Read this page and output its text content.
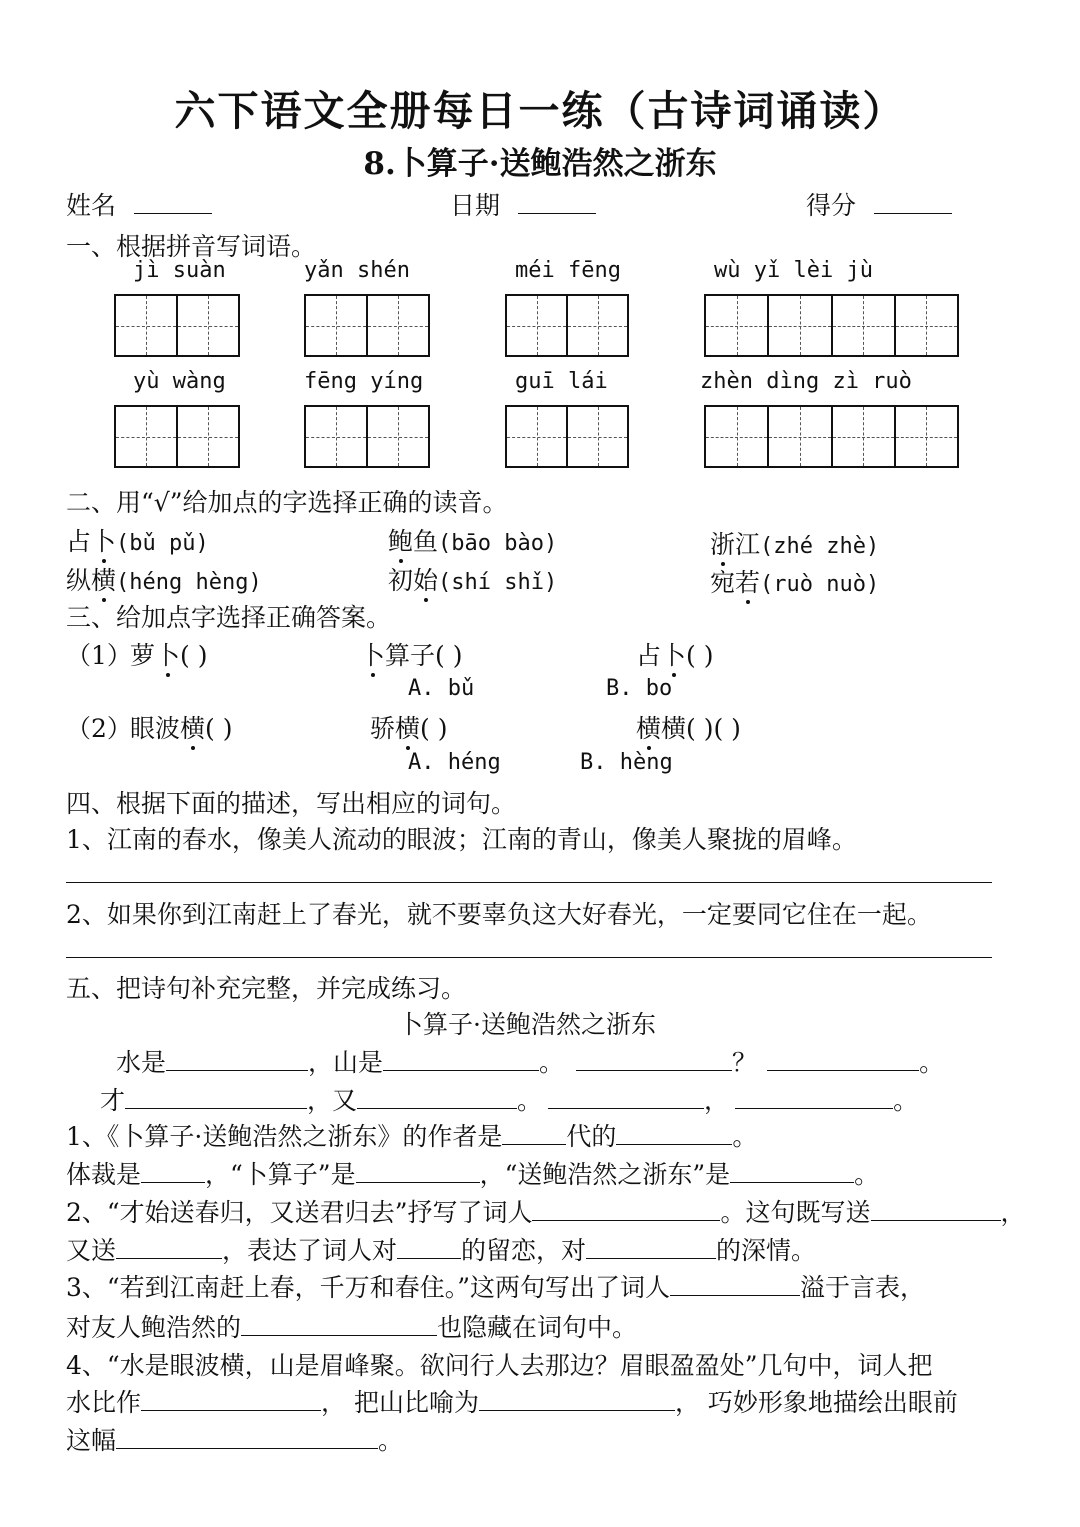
六下语文全册每日一练（古诗词诵读）
8.卜算子·送鲍浩然之浙东
姓名	日期	得分
一、根据拼音写词语。
jì suàn	yǎn shén	méi fēng	wù yǐ lèi jù
yù wàng	fēng yíng	guī lái	zhèn dìng zì ruò
二、用“√”给加点的字选择正确的读音。
占卜(bǔ pǔ)	鲍鱼(bāo bào)	浙江(zhé zhè)
纵横(héng hèng)	初始(shí shǐ)	宛若(ruò nuò)
三、给加点字选择正确答案。
（1）
萝卜( )	卜算子( )	占卜( )
A. bǔ	B. bo
（2）
眼波横( )	骄横( )	横横( )( )
A. héng	B. hèng
四、根据下面的描述，写出相应的词句。
1、江南的春水，像美人流动的眼波；江南的青山，像美人聚拢的眉峰。
2、如果你到江南赶上了春光，就不要辜负这大好春光，一定要同它住在一起。
五、把诗句补充完整，并完成练习。
卜算子·送鲍浩然之浙东
水是	，山是	。	？	。
才	，又	。	，	。
1、《卜算子·送鲍浩然之浙东》的作者是	代的	。
体裁是	，“卜算子”是	，“送鲍浩然之浙东”是	。
2、“才始送春归，又送君归去”抒写了词人	。这句既写送	，
又送	，表达了词人对	的留恋，对	的深情。
3、“若到江南赶上春，千万和春住。”这两句写出了词人	溢于言表，
对友人鲍浩然的	也隐藏在词句中。
4、“水是眼波横，山是眉峰聚。欲问行人去那边？眉眼盈盈处”几句中，词人把
水比作	， 把山比喻为	， 巧妙形象地描绘出眼前
这幅	。
